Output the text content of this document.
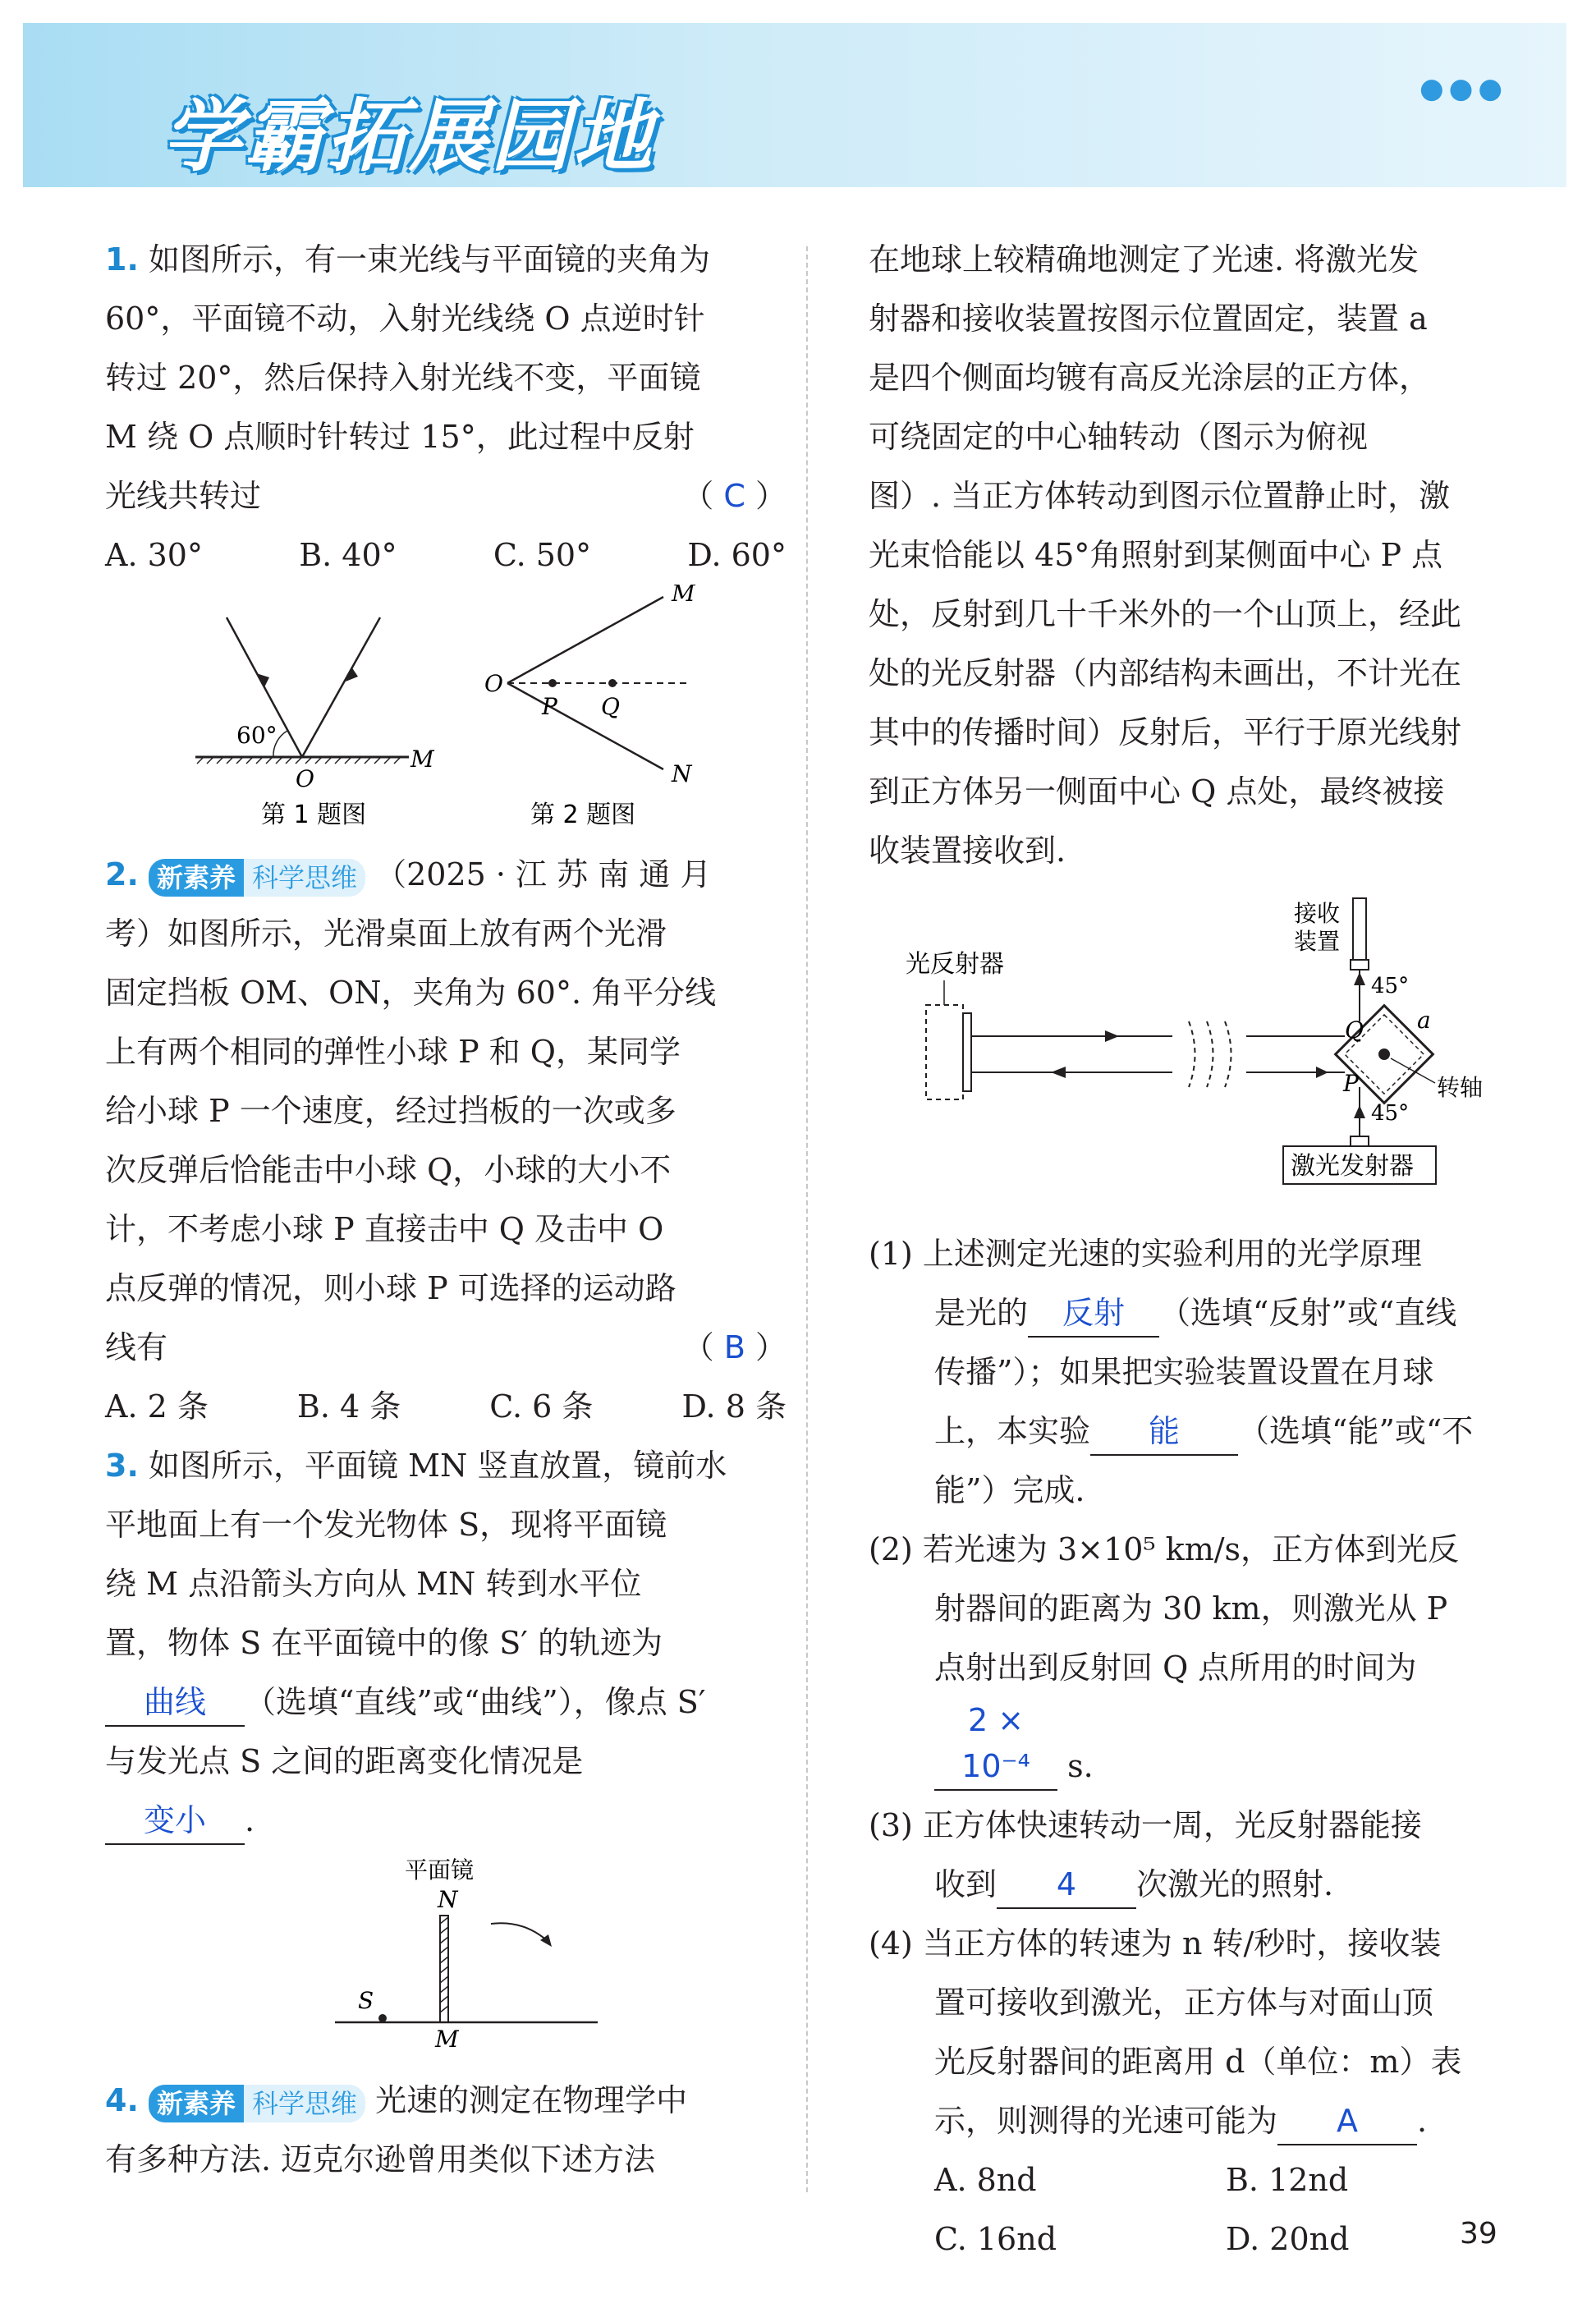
学霸拓展园地
●●●

1. 如图所示，有一束光线与平面镜的夹角为

60°，平面镜不动，入射光线绕 O 点逆时针

转过 20°，然后保持入射光线不变，平面镜

M 绕 O 点顺时针转过 15°，此过程中反射

光线共转过	（ C ）

A. 30°	B. 40°	C. 50°	D. 60°

60°
O
M
第 1 题图
M
N
O
P Q
第 2 题图

2. 新素养 科学思维 （2025 · 江 苏 南 通 月

考）如图所示，光滑桌面上放有两个光滑

固定挡板 OM、ON，夹角为 60°. 角平分线

上有两个相同的弹性小球 P 和 Q，某同学

给小球 P 一个速度，经过挡板的一次或多

次反弹后恰能击中小球 Q，小球的大小不

计，不考虑小球 P 直接击中 Q 及击中 O

点反弹的情况，则小球 P 可选择的运动路

线有	（ B ）

A. 2 条	B. 4 条	C. 6 条	D. 8 条

3. 如图所示，平面镜 MN 竖直放置，镜前水

平地面上有一个发光物体 S，现将平面镜

绕 M 点沿箭头方向从 MN 转到水平位

置，物体 S 在平面镜中的像 S′ 的轨迹为

曲线 （选填“直线”或“曲线”），像点 S′

与发光点 S 之间的距离变化情况是

变小 .

平面镜
N
S
M

4. 新素养 科学思维 光速的测定在物理学中

有多种方法. 迈克尔逊曾用类似下述方法

在地球上较精确地测定了光速. 将激光发

射器和接收装置按图示位置固定，装置 a

是四个侧面均镀有高反光涂层的正方体，

可绕固定的中心轴转动（图示为俯视

图）. 当正方体转动到图示位置静止时，激

光束恰能以 45°角照射到某侧面中心 P 点

处，反射到几十千米外的一个山顶上，经此

处的光反射器（内部结构未画出，不计光在

其中的传播时间）反射后，平行于原光线射

到正方体另一侧面中心 Q 点处，最终被接

收装置接收到.

光反射器
接收
装置
45°
Q a
转轴
P
45°
激光发射器

(1) 上述测定光速的实验利用的光学原理

是光的 反射 （选填“反射”或“直线

传播”）；如果把实验装置设置在月球

上，本实验 能 （选填“能”或“不

能”）完成.

(2) 若光速为 3×10⁵ km/s，正方体到光反

射器间的距离为 30 km，则激光从 P

点射出到反射回 Q 点所用的时间为

2 × 10⁻⁴ s.

(3) 正方体快速转动一周，光反射器能接

收到 4 次激光的照射.

(4) 当正方体的转速为 n 转/秒时，接收装

置可接收到激光，正方体与对面山顶

光反射器间的距离用 d（单位：m）表

示，则测得的光速可能为 A .

A. 8nd	B. 12nd

C. 16nd	D. 20nd	39
